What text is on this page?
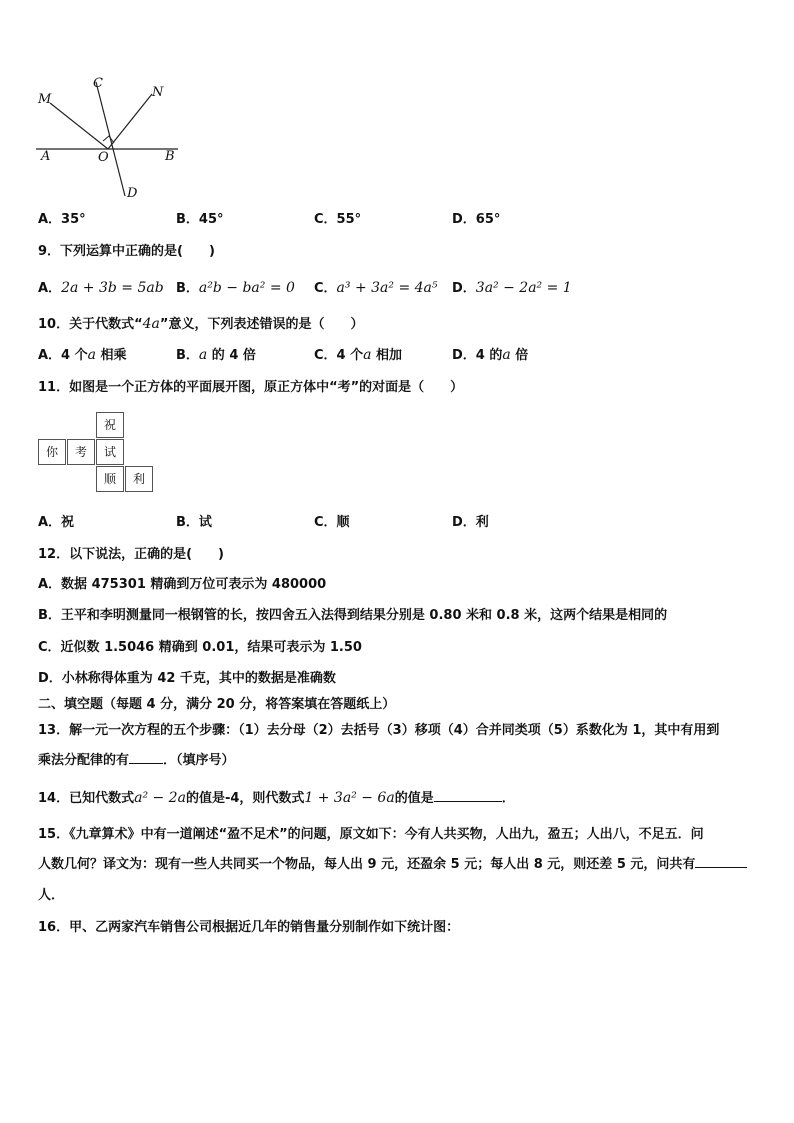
M
C
N
A	O	B
D
A．35°	B．45°	C．55°	D．65°
9．下列运算中正确的是(　　)
A．2a + 3b = 5ab B．a²b − ba² = 0 C．a³ + 3a² = 4a⁵ D．3a² − 2a² = 1
10．关于代数式“4a”意义，下列表述错误的是（　　）
A．4 个a 相乘	B．a 的 4 倍	C．4 个a 相加	D．4 的a 倍
11．如图是一个正方体的平面展开图，原正方体中“考”的对面是（　　）
祝
你	考	试
顺	利
A．祝	B．试	C．顺	D．利
12．以下说法，正确的是(　　)
A．数据 475301 精确到万位可表示为 480000
B．王平和李明测量同一根钢管的长，按四舍五入法得到结果分别是 0.80 米和 0.8 米，这两个结果是相同的
C．近似数 1.5046 精确到 0.01，结果可表示为 1.50
D．小林称得体重为 42 千克，其中的数据是准确数
二、填空题（每题 4 分，满分 20 分，将答案填在答题纸上）
13．解一元一次方程的五个步骤：（1）去分母（2）去括号（3）移项（4）合并同类项（5）系数化为 1，其中有用到
乘法分配律的有	．（填序号）
14．已知代数式a² − 2a的值是-4，则代数式1 + 3a² − 6a的值是	．
15．《九章算术》中有一道阐述“盈不足术”的问题，原文如下：今有人共买物，人出九，盈五；人出八，不足五．问
人数几何？译文为：现有一些人共同买一个物品，每人出 9 元，还盈余 5 元；每人出 8 元，则还差 5 元，问共有
人．
16．甲、乙两家汽车销售公司根据近几年的销售量分别制作如下统计图：
